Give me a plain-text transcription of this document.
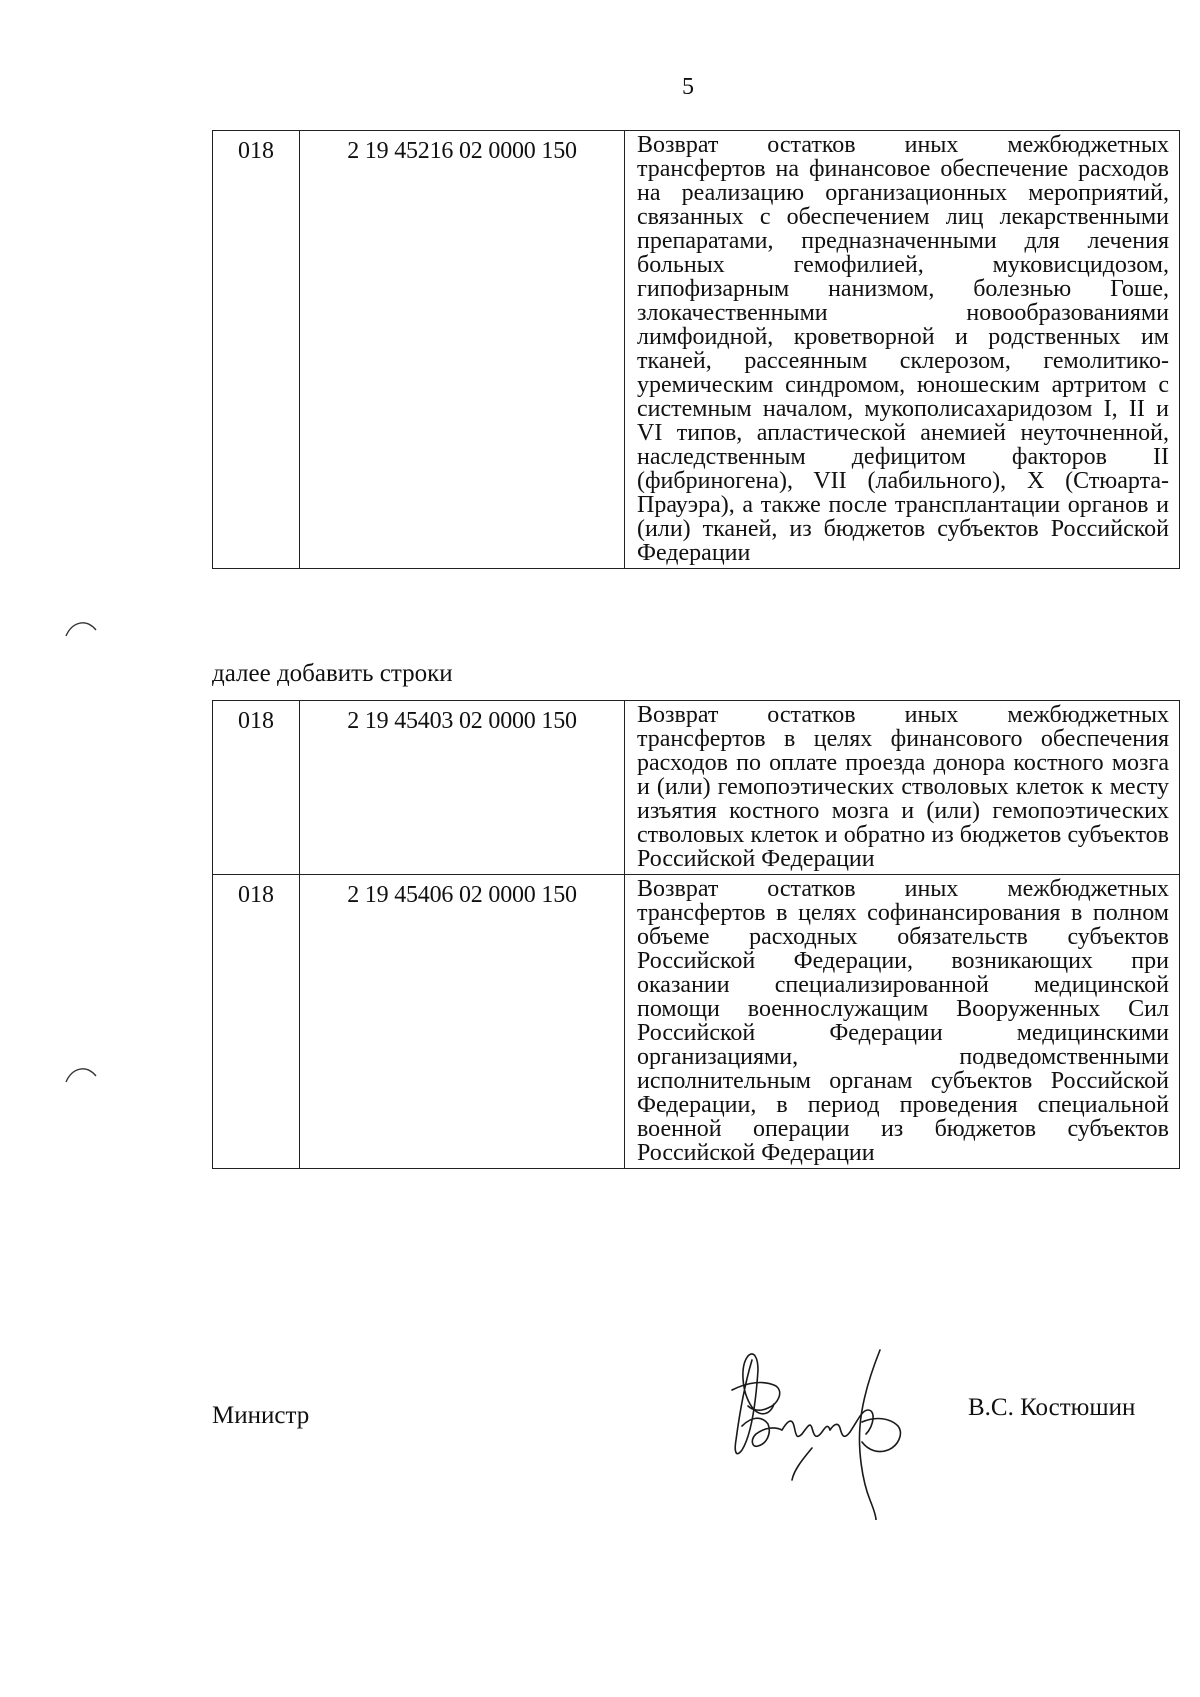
5
018	2 19 45216 02 0000 150	Возврат остатков иных межбюджетных трансфертов на финансовое обеспечение расходов на реализацию организационных мероприятий, связанных с обеспечением лиц лекарственными препаратами, предназначенными для лечения больных гемофилией, муковисцидозом, гипофизарным нанизмом, болезнью Гоше, злокачественными новообразованиями лимфоидной, кроветворной и родственных им тканей, рассеянным склерозом, гемолитико-уремическим синдромом, юношеским артритом с системным началом, мукополисахаридозом I, II и VI типов, апластической анемией неуточненной, наследственным дефицитом факторов II (фибриногена), VII (лабильного), X (Стюарта-Прауэра), а также после трансплантации органов и (или) тканей, из бюджетов субъектов Российской Федерации
далее добавить строки
018	2 19 45403 02 0000 150	Возврат остатков иных межбюджетных трансфертов в целях финансового обеспечения расходов по оплате проезда донора костного мозга и (или) гемопоэтических стволовых клеток к месту изъятия костного мозга и (или) гемопоэтических стволовых клеток и обратно из бюджетов субъектов Российской Федерации
018	2 19 45406 02 0000 150	Возврат остатков иных межбюджетных трансфертов в целях софинансирования в полном объеме расходных обязательств субъектов Российской Федерации, возникающих при оказании специализированной медицинской помощи военнослужащим Вооруженных Сил Российской Федерации медицинскими организациями, подведомственными исполнительным органам субъектов Российской Федерации, в период проведения специальной военной операции из бюджетов субъектов Российской Федерации
Министр	В.С. Костюшин
